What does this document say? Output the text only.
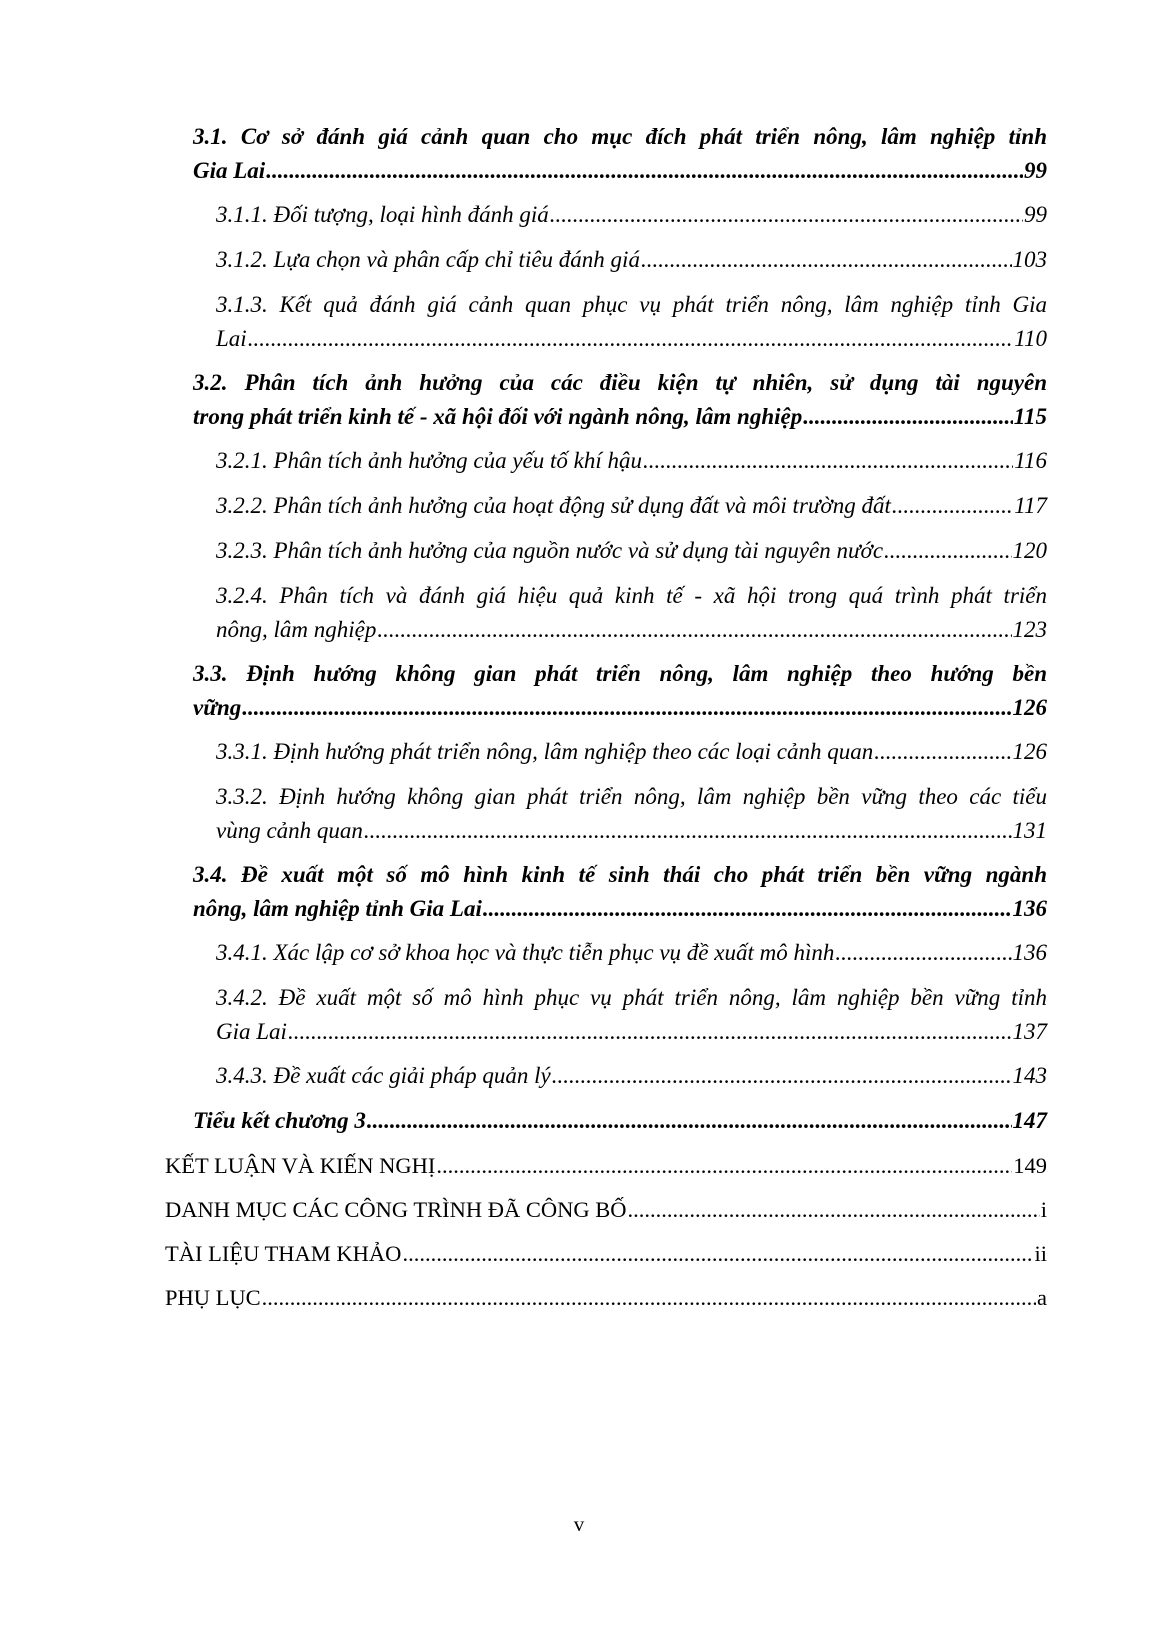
3.1. Cơ sở đánh giá cảnh quan cho mục đích phát triển nông, lâm nghiệp tỉnh
Gia Lai .....	99
3.1.1. Đối tượng, loại hình đánh giá .....	99
3.1.2. Lựa chọn và phân cấp chỉ tiêu đánh giá .....	103
3.1.3. Kết quả đánh giá cảnh quan phục vụ phát triển nông, lâm nghiệp tỉnh Gia
Lai .....	110
3.2. Phân tích ảnh hưởng của các điều kiện tự nhiên, sử dụng tài nguyên
trong phát triển kinh tế - xã hội đối với ngành nông, lâm nghiệp .....	115
3.2.1. Phân tích ảnh hưởng của yếu tố khí hậu .....	116
3.2.2. Phân tích ảnh hưởng của hoạt động sử dụng đất và môi trường đất .....	117
3.2.3. Phân tích ảnh hưởng của nguồn nước và sử dụng tài nguyên nước .....	120
3.2.4. Phân tích và đánh giá hiệu quả kinh tế - xã hội trong quá trình phát triển
nông, lâm nghiệp .....	123
3.3. Định hướng không gian phát triển nông, lâm nghiệp theo hướng bền
vững .....	126
3.3.1. Định hướng phát triển nông, lâm nghiệp theo các loại cảnh quan .....	126
3.3.2. Định hướng không gian phát triển nông, lâm nghiệp bền vững theo các tiểu
vùng cảnh quan .....	131
3.4. Đề xuất một số mô hình kinh tế sinh thái cho phát triển bền vững ngành
nông, lâm nghiệp tỉnh Gia Lai .....	136
3.4.1. Xác lập cơ sở khoa học và thực tiễn phục vụ đề xuất mô hình .....	136
3.4.2. Đề xuất một số mô hình phục vụ phát triển nông, lâm nghiệp bền vững tỉnh
Gia Lai .....	137
3.4.3. Đề xuất các giải pháp quản lý .....	143
Tiểu kết chương 3 .....	147
KẾT LUẬN VÀ KIẾN NGHỊ .....	149
DANH MỤC CÁC CÔNG TRÌNH ĐÃ CÔNG BỐ .....	i
TÀI LIỆU THAM KHẢO .....	ii
PHỤ LỤC .....	a
v
